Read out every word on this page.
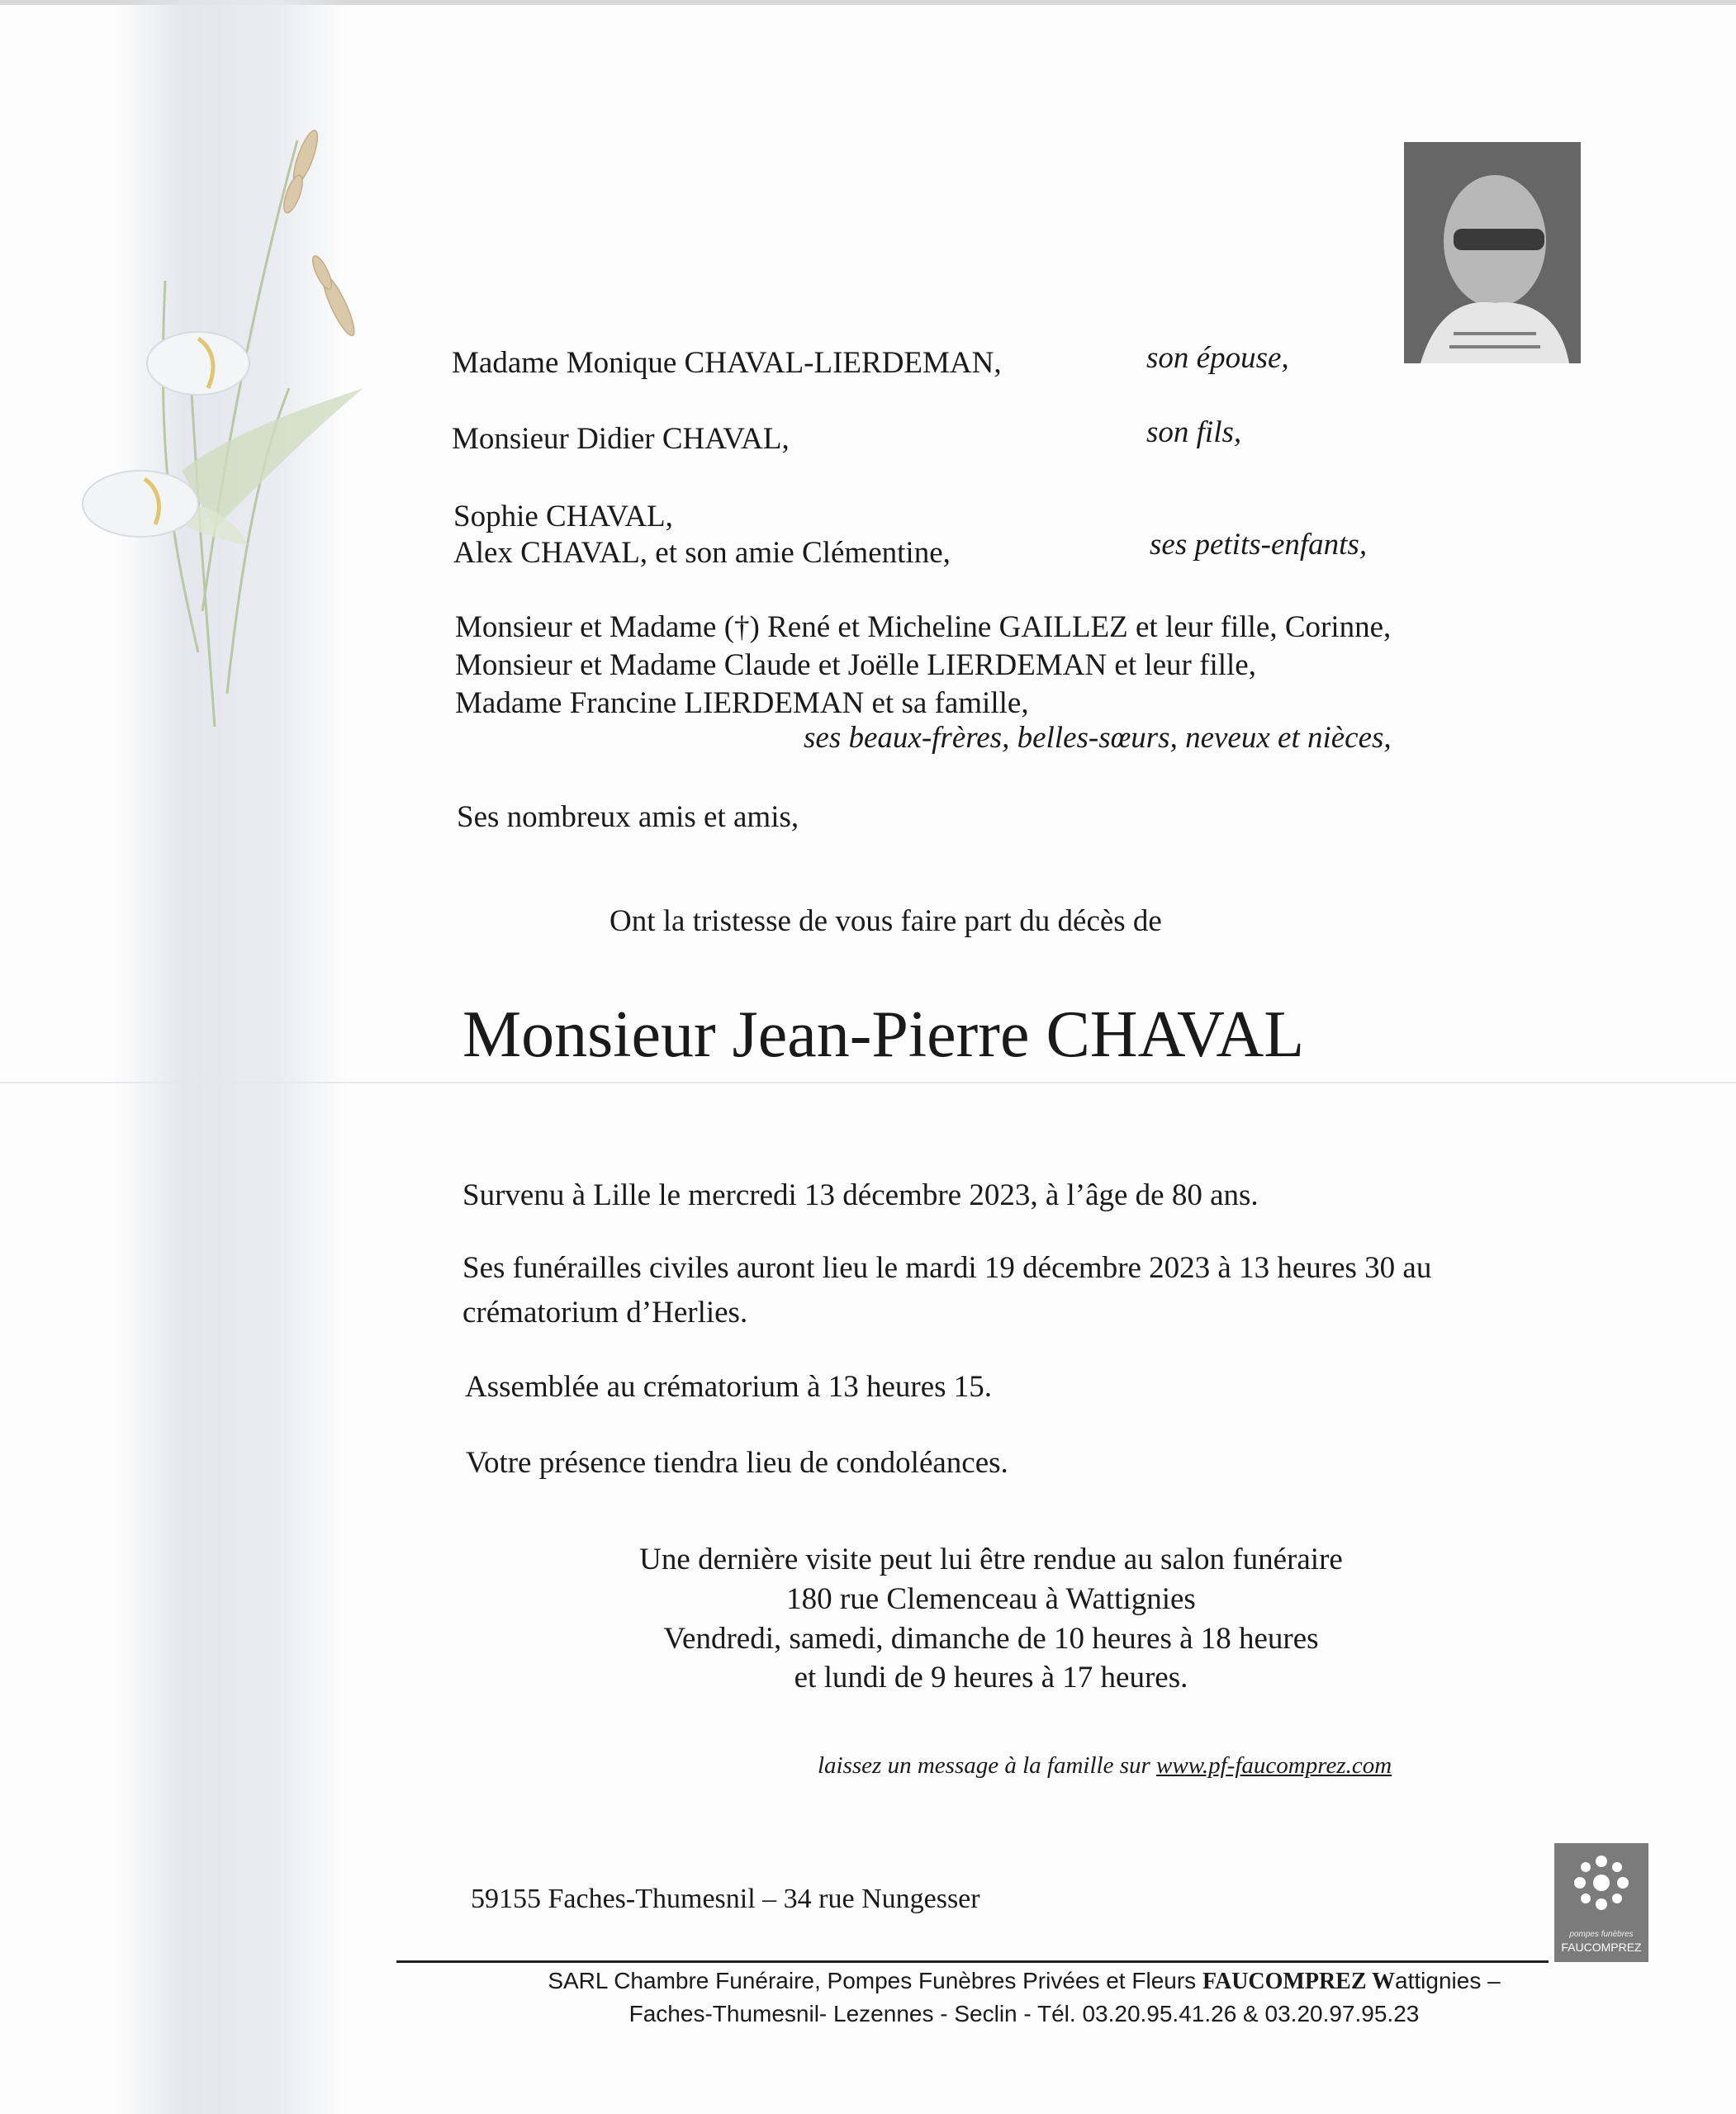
Madame Monique CHAVAL-LIERDEMAN,	son épouse,
Monsieur Didier CHAVAL,	son fils,
Sophie CHAVAL,
Alex CHAVAL, et son amie Clémentine,	ses petits-enfants,
Monsieur et Madame (†) René et Micheline GAILLEZ et leur fille, Corinne,
Monsieur et Madame Claude et Joëlle LIERDEMAN et leur fille,
Madame Francine LIERDEMAN et sa famille,
ses beaux-frères, belles-sœurs, neveux et nièces,
Ses nombreux amis et amis,
Ont la tristesse de vous faire part du décès de
Monsieur Jean-Pierre CHAVAL
Survenu à Lille le mercredi 13 décembre 2023, à l’âge de 80 ans.
Ses funérailles civiles auront lieu le mardi 19 décembre 2023 à 13 heures 30 au
crématorium d’Herlies.
Assemblée au crématorium à 13 heures 15.
Votre présence tiendra lieu de condoléances.
Une dernière visite peut lui être rendue au salon funéraire
180 rue Clemenceau à Wattignies
Vendredi, samedi, dimanche de 10 heures à 18 heures
et lundi de 9 heures à 17 heures.
laissez un message à la famille sur www.pf-faucomprez.com
59155 Faches-Thumesnil – 34 rue Nungesser
SARL Chambre Funéraire, Pompes Funèbres Privées et Fleurs FAUCOMPREZ Wattignies –
Faches-Thumesnil- Lezennes - Seclin - Tél. 03.20.95.41.26 & 03.20.97.95.23
pompes funèbres
FAUCOMPREZ
